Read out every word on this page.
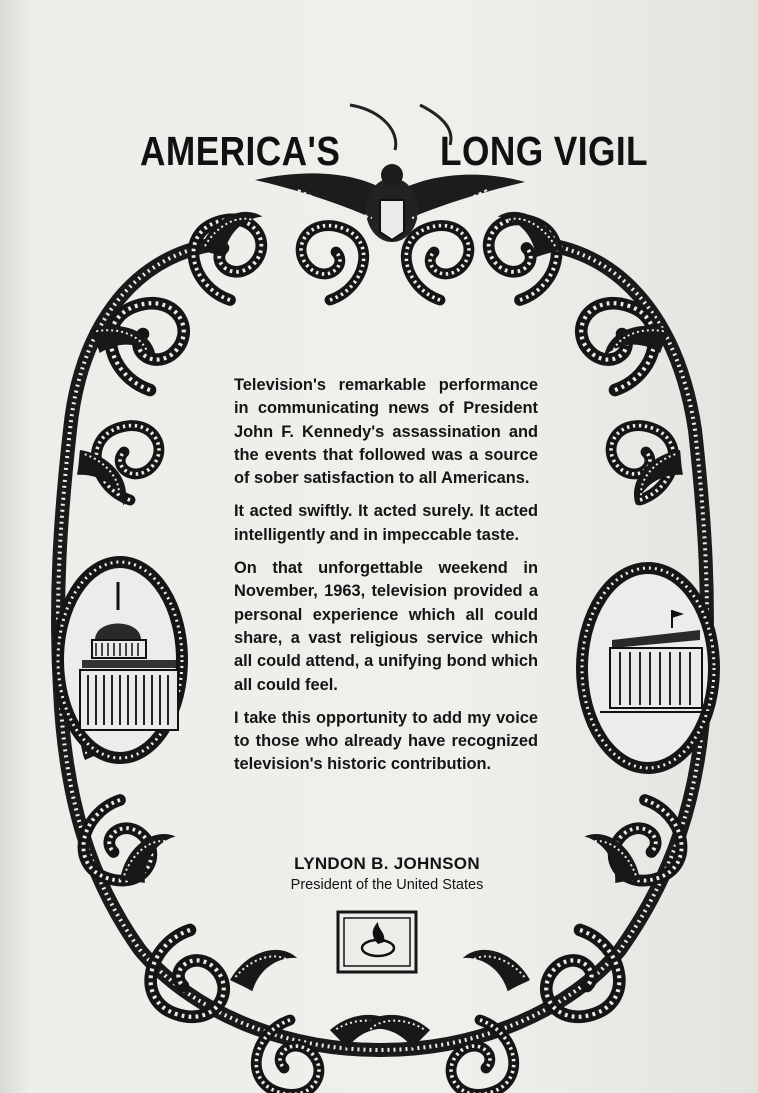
AMERICA'S LONG VIGIL

Television's remarkable performance in communicating news of President John F. Kennedy's assassination and the events that followed was a source of sober satisfaction to all Americans.

It acted swiftly. It acted surely. It acted intelligently and in impeccable taste.

On that unforgettable weekend in November, 1963, television provided a personal experience which all could share, a vast religious service which all could attend, a unifying bond which all could feel.

I take this opportunity to add my voice to those who already have recognized television's historic contribution.

LYNDON B. JOHNSON
President of the United States
